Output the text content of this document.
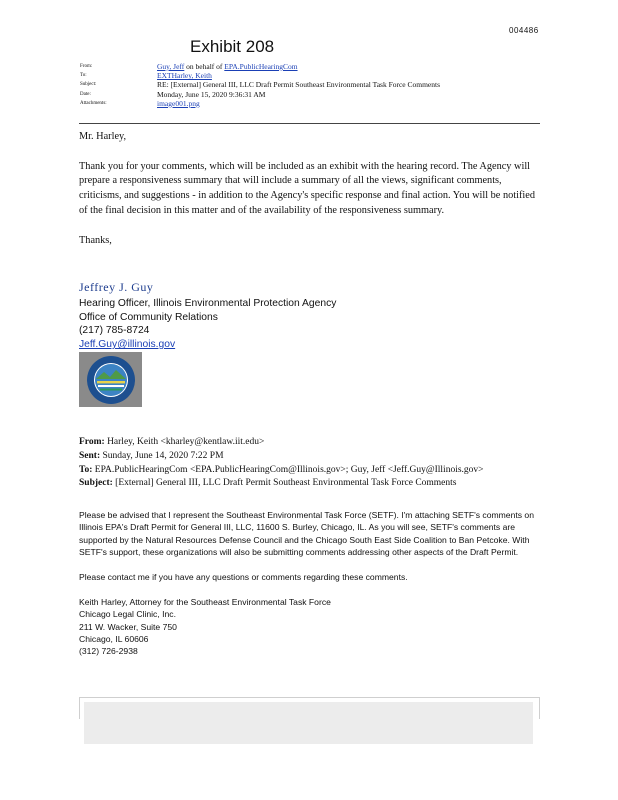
004486
Exhibit 208
From:	Guy, Jeff on behalf of EPA.PublicHearingCom
To:	EXTHarley, Keith
Subject:	RE: [External] General III, LLC Draft Permit Southeast Environmental Task Force Comments
Date:	Monday, June 15, 2020 9:36:31 AM
Attachments:	image001.png

Mr. Harley,

Thank you for your comments, which will be included as an exhibit with the hearing record. The Agency will prepare a responsiveness summary that will include a summary of all the views, significant comments, criticisms, and suggestions - in addition to the Agency's specific response and final action. You will be notified of the final decision in this matter and of the availability of the responsiveness summary.

Thanks,

Jeffrey J. Guy
Hearing Officer, Illinois Environmental Protection Agency
Office of Community Relations
(217) 785-8724
Jeff.Guy@illinois.gov
From: Harley, Keith <kharley@kentlaw.iit.edu>
Sent: Sunday, June 14, 2020 7:22 PM
To: EPA.PublicHearingCom <EPA.PublicHearingCom@Illinois.gov>; Guy, Jeff <Jeff.Guy@Illinois.gov>
Subject: [External] General III, LLC Draft Permit Southeast Environmental Task Force Comments

Please be advised that I represent the Southeast Environmental Task Force (SETF). I'm attaching SETF's comments on Illinois EPA's Draft Permit for General III, LLC, 11600 S. Burley, Chicago, IL. As you will see, SETF's comments are supported by the Natural Resources Defense Council and the Chicago South East Side Coalition to Ban Petcoke. With SETF's support, these organizations will also be submitting comments addressing other aspects of the Draft Permit.

Please contact me if you have any questions or comments regarding these comments.

Keith Harley, Attorney for the Southeast Environmental Task Force
Chicago Legal Clinic, Inc.
211 W. Wacker, Suite 750
Chicago, IL 60606
(312) 726-2938
